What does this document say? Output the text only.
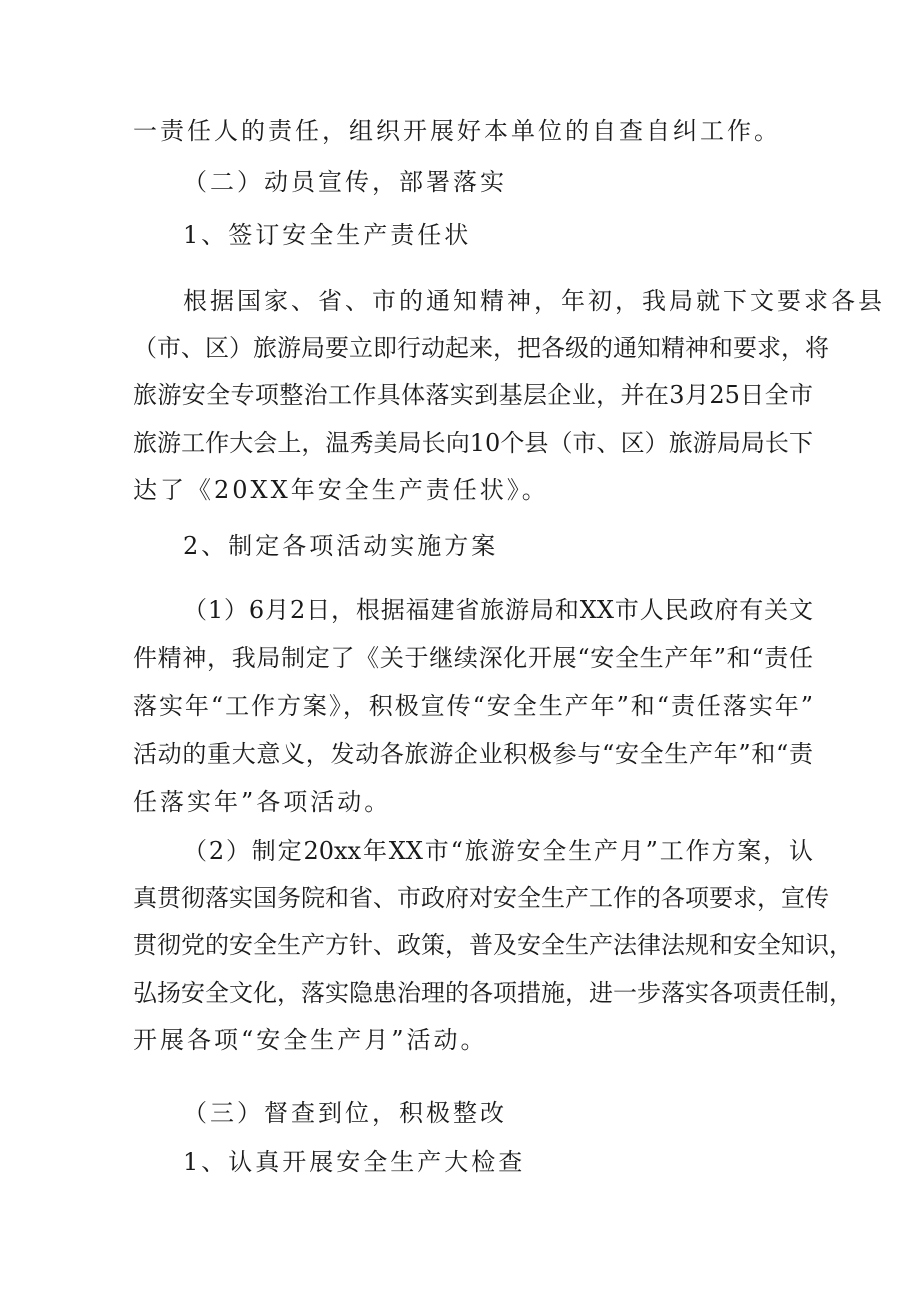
一责任人的责任，组织开展好本单位的自查自纠工作。
（二）动员宣传，部署落实
1、签订安全生产责任状
根据国家、省、市的通知精神，年初，我局就下文要求各县
（市、区）旅游局要立即行动起来，把各级的通知精神和要求，将
旅游安全专项整治工作具体落实到基层企业，并在3月25日全市
旅游工作大会上，温秀美局长向10个县（市、区）旅游局局长下
达了《20XX年安全生产责任状》。
2、制定各项活动实施方案
（1）6月2日，根据福建省旅游局和XX市人民政府有关文
件精神，我局制定了《关于继续深化开展“安全生产年”和“责任
落实年“工作方案》，积极宣传“安全生产年”和“责任落实年”
活动的重大意义，发动各旅游企业积极参与“安全生产年”和“责
任落实年”各项活动。
（2）制定20xx年XX市“旅游安全生产月”工作方案，认
真贯彻落实国务院和省、市政府对安全生产工作的各项要求，宣传
贯彻党的安全生产方针、政策，普及安全生产法律法规和安全知识，
弘扬安全文化，落实隐患治理的各项措施，进一步落实各项责任制，
开展各项“安全生产月”活动。
（三）督查到位，积极整改
1、认真开展安全生产大检查
